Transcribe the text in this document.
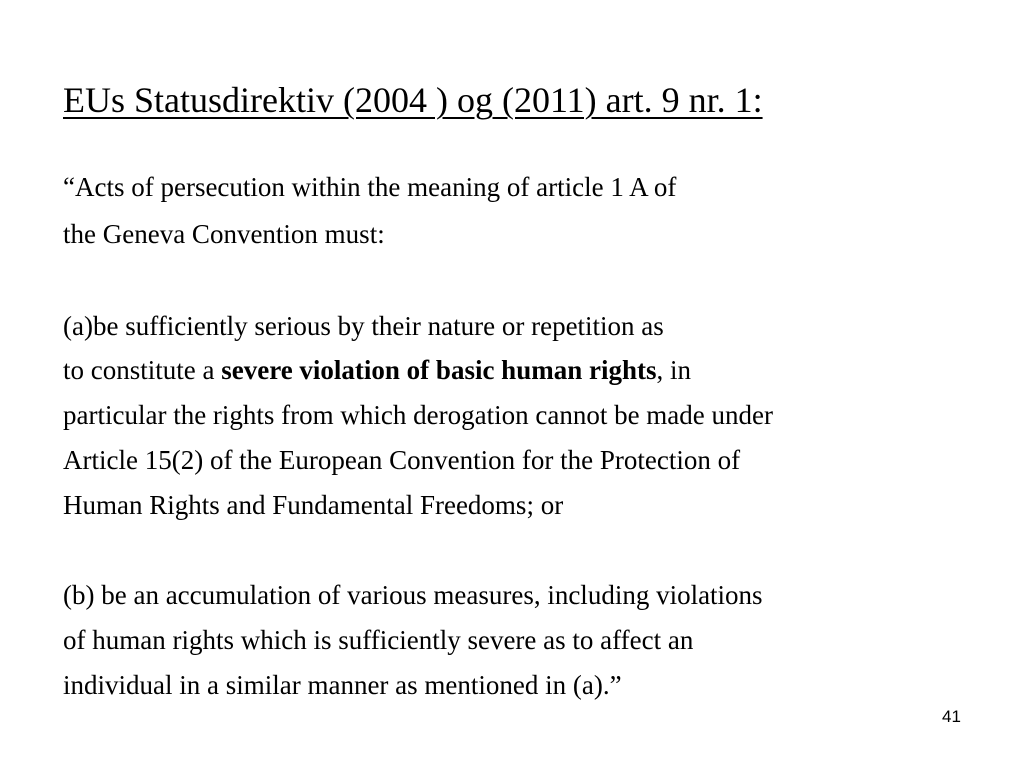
EUs Statusdirektiv (2004 ) og (2011) art. 9 nr. 1:
“Acts of persecution within the meaning of article 1 A of
the Geneva Convention must:
(a)be sufficiently serious by their nature or repetition as
to constitute a severe violation of basic human rights, in
particular the rights from which derogation cannot be made under
Article 15(2) of the European Convention for the Protection of
Human Rights and Fundamental Freedoms; or
(b) be an accumulation of various measures, including violations
of human rights which is sufficiently severe as to affect an
individual in a similar manner as mentioned in (a).”
41
